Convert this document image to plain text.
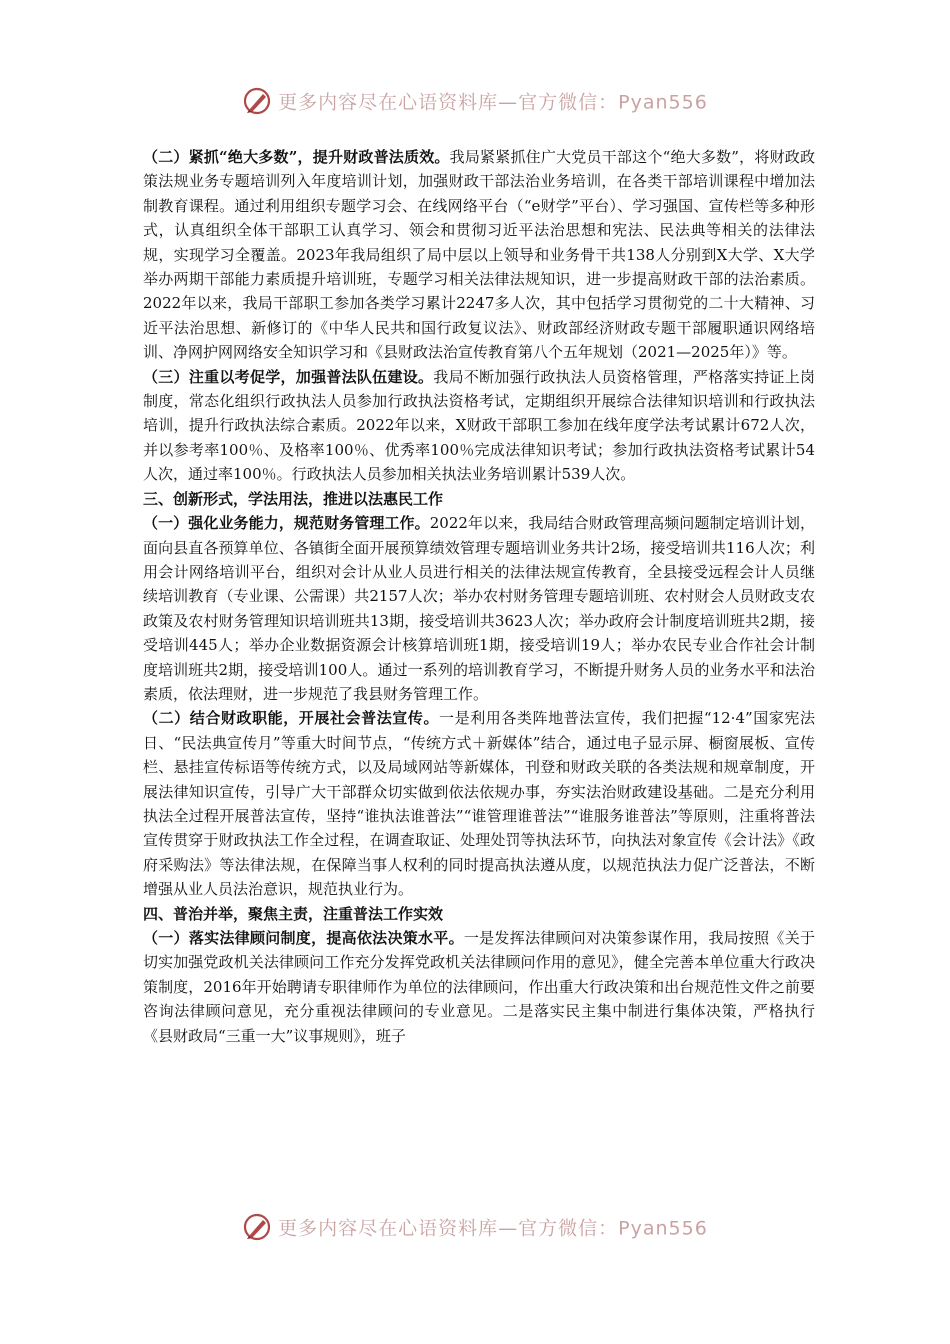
更多内容尽在心语资料库—官方微信：Pyan556

（二）紧抓“绝大多数”，提升财政普法质效。我局紧紧抓住广大党员干部这个“绝大多数”，将财政政策法规业务专题培训列入年度培训计划，加强财政干部法治业务培训，在各类干部培训课程中增加法制教育课程。通过利用组织专题学习会、在线网络平台（“e财学”平台）、学习强国、宣传栏等多种形式，认真组织全体干部职工认真学习、领会和贯彻习近平法治思想和宪法、民法典等相关的法律法规，实现学习全覆盖。2023年我局组织了局中层以上领导和业务骨干共138人分别到X大学、X大学举办两期干部能力素质提升培训班，专题学习相关法律法规知识，进一步提高财政干部的法治素质。2022年以来，我局干部职工参加各类学习累计2247多人次，其中包括学习贯彻党的二十大精神、习近平法治思想、新修订的《中华人民共和国行政复议法》、财政部经济财政专题干部履职通识网络培训、净网护网网络安全知识学习和《县财政法治宣传教育第八个五年规划（2021—2025年）》等。

（三）注重以考促学，加强普法队伍建设。我局不断加强行政执法人员资格管理，严格落实持证上岗制度，常态化组织行政执法人员参加行政执法资格考试，定期组织开展综合法律知识培训和行政执法培训，提升行政执法综合素质。2022年以来，X财政干部职工参加在线年度学法考试累计672人次，并以参考率100％、及格率100％、优秀率100％完成法律知识考试；参加行政执法资格考试累计54人次，通过率100％。行政执法人员参加相关执法业务培训累计539人次。

三、创新形式，学法用法，推进以法惠民工作

（一）强化业务能力，规范财务管理工作。2022年以来，我局结合财政管理高频问题制定培训计划，面向县直各预算单位、各镇街全面开展预算绩效管理专题培训业务共计2场，接受培训共116人次；利用会计网络培训平台，组织对会计从业人员进行相关的法律法规宣传教育，全县接受远程会计人员继续培训教育（专业课、公需课）共2157人次；举办农村财务管理专题培训班、农村财会人员财政支农政策及农村财务管理知识培训班共13期，接受培训共3623人次；举办政府会计制度培训班共2期，接受培训445人；举办企业数据资源会计核算培训班1期，接受培训19人；举办农民专业合作社会计制度培训班共2期，接受培训100人。通过一系列的培训教育学习，不断提升财务人员的业务水平和法治素质，依法理财，进一步规范了我县财务管理工作。

（二）结合财政职能，开展社会普法宣传。一是利用各类阵地普法宣传，我们把握“12·4”国家宪法日、“民法典宣传月”等重大时间节点，“传统方式＋新媒体”结合，通过电子显示屏、橱窗展板、宣传栏、悬挂宣传标语等传统方式，以及局域网站等新媒体，刊登和财政关联的各类法规和规章制度，开展法律知识宣传，引导广大干部群众切实做到依法依规办事，夯实法治财政建设基础。二是充分利用执法全过程开展普法宣传，坚持“谁执法谁普法”“谁管理谁普法”“谁服务谁普法”等原则，注重将普法宣传贯穿于财政执法工作全过程，在调查取证、处理处罚等执法环节，向执法对象宣传《会计法》《政府采购法》等法律法规，在保障当事人权利的同时提高执法遵从度，以规范执法力促广泛普法，不断增强从业人员法治意识，规范执业行为。

四、普治并举，聚焦主责，注重普法工作实效

（一）落实法律顾问制度，提高依法决策水平。一是发挥法律顾问对决策参谋作用，我局按照《关于切实加强党政机关法律顾问工作充分发挥党政机关法律顾问作用的意见》，健全完善本单位重大行政决策制度，2016年开始聘请专职律师作为单位的法律顾问，作出重大行政决策和出台规范性文件之前要咨询法律顾问意见，充分重视法律顾问的专业意见。二是落实民主集中制进行集体决策，严格执行《县财政局“三重一大”议事规则》，班子

更多内容尽在心语资料库—官方微信：Pyan556
